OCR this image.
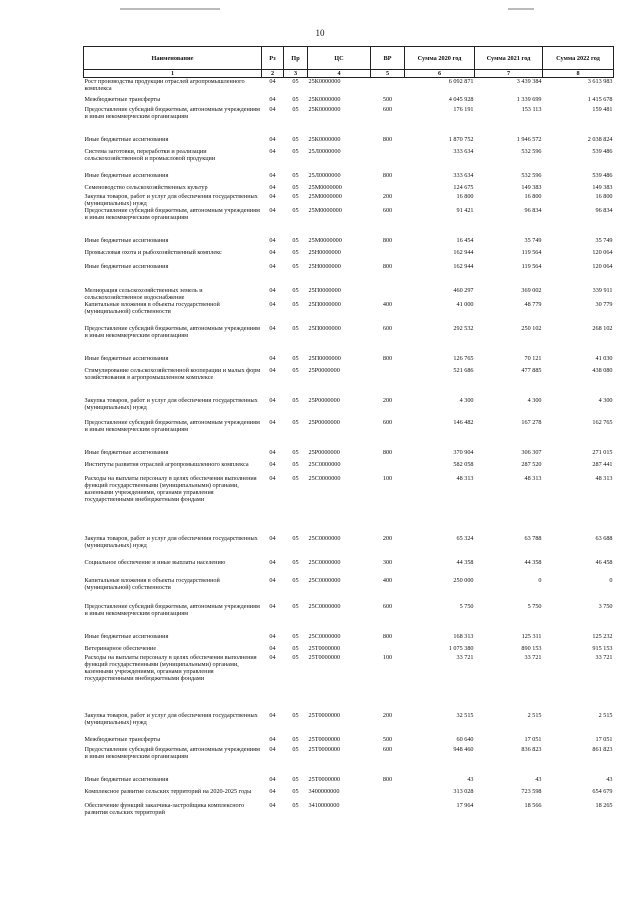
10
Наименование	Рз	Пр	ЦС	ВР	Сумма 2020 год	Сумма 2021 год	Сумма 2022 год
1	2	3	4	5	6	7	8
Рост производства продукции отраслей агропромышленного комплекса	04	05	25К0000000		6 092 871	3 439 384	3 613 983
Межбюджетные трансферты	04	05	25К0000000	500	4 045 928	1 339 699	1 415 678
Предоставление субсидий бюджетным, автономным учреждениям и иным некоммерческим организациям	04	05	25К0000000	600	176 191	153 113	159 481
Иные бюджетные ассигнования	04	05	25К0000000	800	1 870 752	1 946 572	2 038 824
Система заготовки, переработки и реализации сельскохозяйственной и промысловой продукции	04	05	25Л0000000		333 634	532 596	539 486
Иные бюджетные ассигнования	04	05	25Л0000000	800	333 634	532 596	539 486
Семеноводство сельскохозяйственных культур	04	05	25М0000000		124 675	149 383	149 383
Закупка товаров, работ и услуг для обеспечения государственных (муниципальных) нужд	04	05	25М0000000	200	16 800	16 800	16 800
Предоставление субсидий бюджетным, автономным учреждениям и иным некоммерческим организациям	04	05	25М0000000	600	91 421	96 834	96 834
Иные бюджетные ассигнования	04	05	25М0000000	800	16 454	35 749	35 749
Промысловая охота и рыбохозяйственный комплекс	04	05	25Н0000000		162 944	119 564	120 064
Иные бюджетные ассигнования	04	05	25Н0000000	800	162 944	119 564	120 064
Мелиорация сельскохозяйственных земель и сельскохозяйственное водоснабжение	04	05	25П0000000		460 297	369 002	339 911
Капитальные вложения в объекты государственной (муниципальной) собственности	04	05	25П0000000	400	41 000	48 779	30 779
Предоставление субсидий бюджетным, автономным учреждениям и иным некоммерческим организациям	04	05	25П0000000	600	292 532	250 102	268 102
Иные бюджетные ассигнования	04	05	25П0000000	800	126 765	70 121	41 030
Стимулирование сельскохозяйственной кооперации и малых форм хозяйствования в агропромышленном комплексе	04	05	25Р0000000		521 686	477 885	438 080
Закупка товаров, работ и услуг для обеспечения государственных (муниципальных) нужд	04	05	25Р0000000	200	4 300	4 300	4 300
Предоставление субсидий бюджетным, автономным учреждениям и иным некоммерческим организациям	04	05	25Р0000000	600	146 482	167 278	162 765
Иные бюджетные ассигнования	04	05	25Р0000000	800	370 904	306 307	271 015
Институты развития отраслей агропромышленного комплекса	04	05	25С0000000		582 058	287 520	287 441
Расходы на выплаты персоналу в целях обеспечения выполнения функций государственными (муниципальными) органами, казенными учреждениями, органами управления государственными внебюджетными фондами	04	05	25С0000000	100	48 313	48 313	48 313
Закупка товаров, работ и услуг для обеспечения государственных (муниципальных) нужд	04	05	25С0000000	200	65 324	63 788	63 688
Социальное обеспечение и иные выплаты населению	04	05	25С0000000	300	44 358	44 358	46 458
Капитальные вложения в объекты государственной (муниципальной) собственности	04	05	25С0000000	400	250 000	0	0
Предоставление субсидий бюджетным, автономным учреждениям и иным некоммерческим организациям	04	05	25С0000000	600	5 750	5 750	3 750
Иные бюджетные ассигнования	04	05	25С0000000	800	168 313	125 311	125 232
Ветеринарное обеспечение	04	05	25Т0000000		1 075 380	890 153	915 153
Расходы на выплаты персоналу в целях обеспечения выполнения функций государственными (муниципальными) органами, казенными учреждениями, органами управления государственными внебюджетными фондами	04	05	25Т0000000	100	33 721	33 721	33 721
Закупка товаров, работ и услуг для обеспечения государственных (муниципальных) нужд	04	05	25Т0000000	200	32 515	2 515	2 515
Межбюджетные трансферты	04	05	25Т0000000	500	60 640	17 051	17 051
Предоставление субсидий бюджетным, автономным учреждениям и иным некоммерческим организациям	04	05	25Т0000000	600	948 460	836 823	861 823
Иные бюджетные ассигнования	04	05	25Т0000000	800	43	43	43
Комплексное развитие сельских территорий на 2020-2025 годы	04	05	3400000000		313 028	723 598	654 679
Обеспечение функций заказчика-застройщика комплексного развития сельских территорий	04	05	3410000000		17 964	18 566	18 265
